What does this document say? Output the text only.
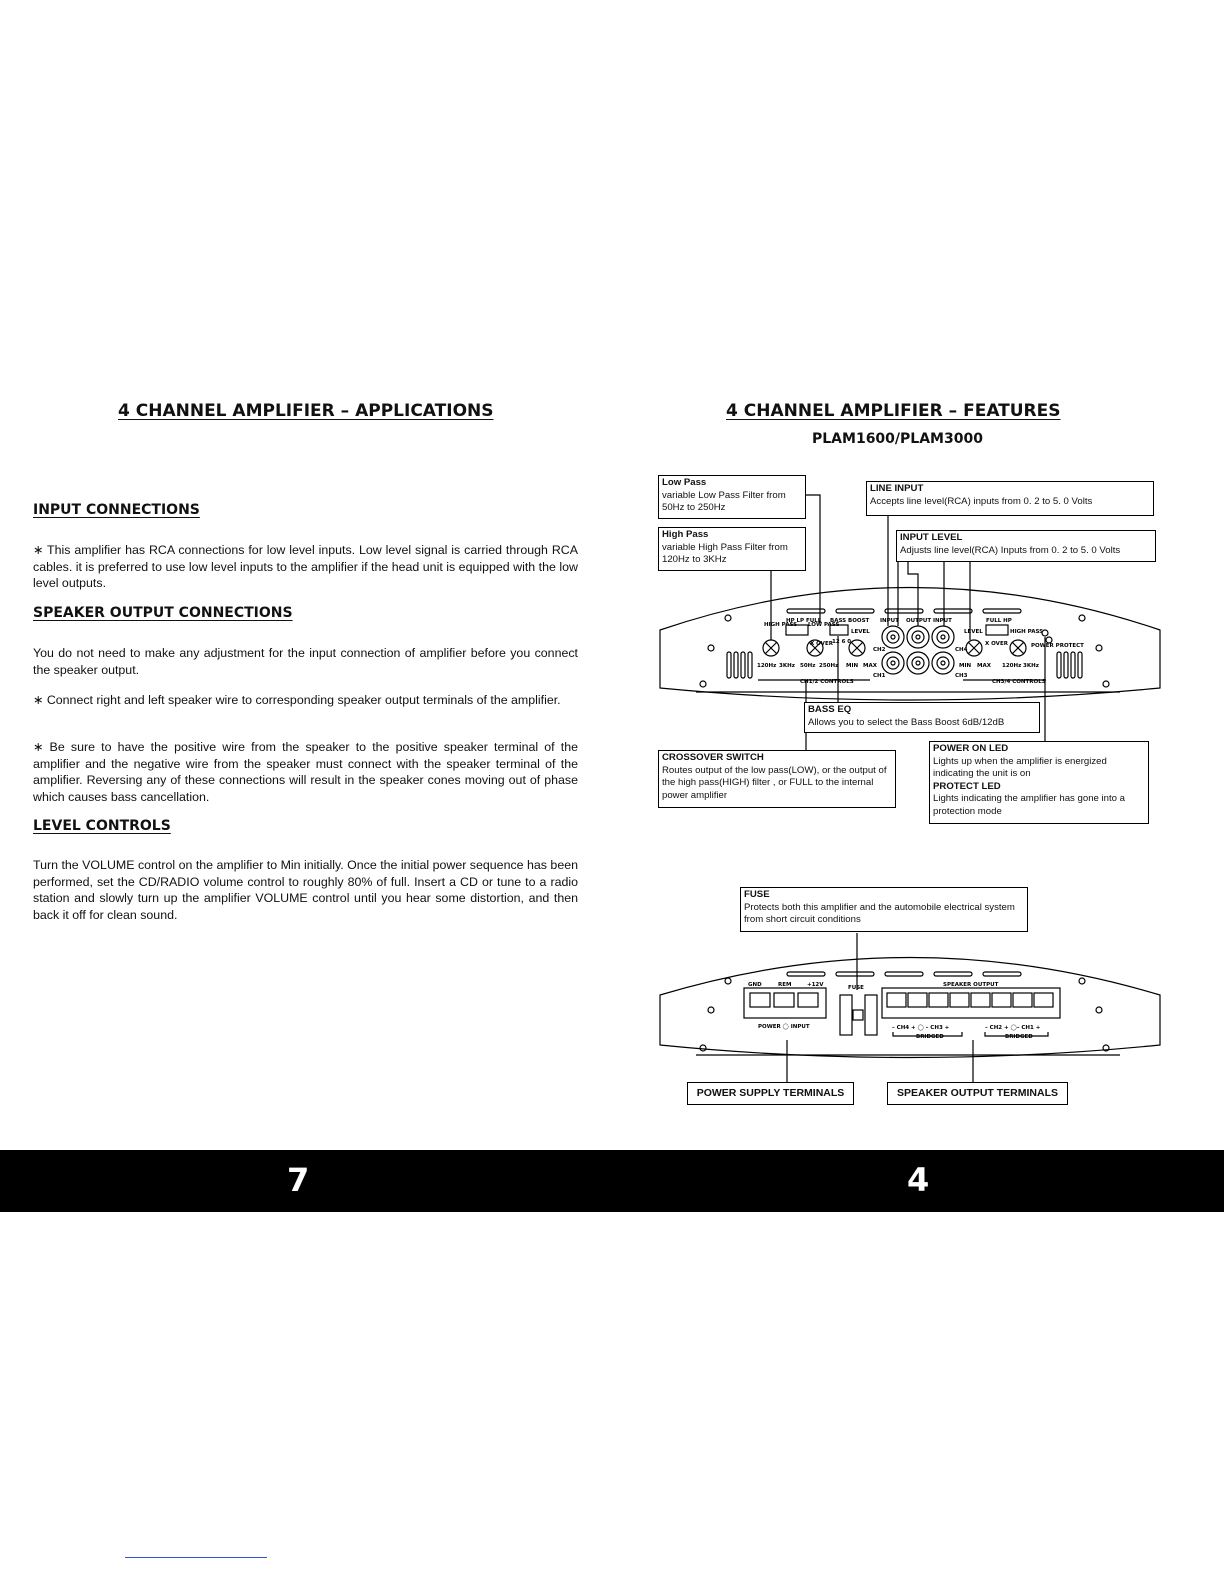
4 CHANNEL AMPLIFIER – APPLICATIONS
INPUT CONNECTIONS

∗ This amplifier has RCA connections for low level inputs. Low level signal is carried through RCA cables. it is preferred to use low level inputs to the amplifier if the head unit is equipped with the low level outputs.

SPEAKER OUTPUT CONNECTIONS

You do not need to make any adjustment for the input connection of amplifier before you connect the speaker output.

∗ Connect right and left speaker wire to corresponding speaker output terminals of the amplifier.

∗ Be sure to have the positive wire from the speaker to the positive speaker terminal of the amplifier and the negative wire from the speaker must connect with the speaker terminal of the amplifier. Reversing any of these connections will result in the speaker cones moving out of phase which causes bass cancellation.

LEVEL CONTROLS

Turn the VOLUME control on the amplifier to Min initially. Once the initial power sequence has been performed, set the CD/RADIO volume control to roughly 80% of full. Insert a CD or tune to a radio station and slowly turn up the amplifier VOLUME control until you hear some distortion, and then back it off for clean sound.

4 CHANNEL AMPLIFIER – FEATURES
PLAM1600/PLAM3000
HIGH PASS LOW PASS
BASS BOOST
LEVEL
INPUT OUTPUT INPUT
LEVEL
HP LP FULL	FULL HP
HIGH PASS
X OVER	X OVER
12 6 0
120Hz 3KHz 50Hz 250Hz MIN MAX	MIN MAX 120Hz 3KHz
CH1/2 CONTROLS	CH3/4 CONTROLS
CH1
CH2
CH3
CH4
POWER PROTECT
Low Pass
variable Low Pass Filter from 50Hz to 250Hz
High Pass
variable High Pass Filter from 120Hz to 3KHz
LINE INPUT
Accepts line level(RCA) inputs from 0. 2 to 5. 0 Volts
INPUT LEVEL
Adjusts line level(RCA) Inputs from 0. 2 to 5. 0 Volts
BASS EQ
Allows you to select the Bass Boost 6dB/12dB
CROSSOVER SWITCH
Routes output of the low pass(LOW), or the output of the high pass(HIGH) filter , or FULL to the internal power amplifier
POWER ON LED
Lights up when the amplifier is energized indicating the unit is on
PROTECT LED
Lights indicating the amplifier has gone into a protection mode
GND	REM	+12V	FUSE	SPEAKER OUTPUT
POWER ◯ INPUT	– CH4 + ◯ – CH3 +	– CH2 + ◯– CH1 +
BRIDGED	BRIDGED
FUSE
Protects both this amplifier and the automobile electrical system from short circuit conditions
POWER SUPPLY TERMINALS	SPEAKER OUTPUT TERMINALS
7	4
